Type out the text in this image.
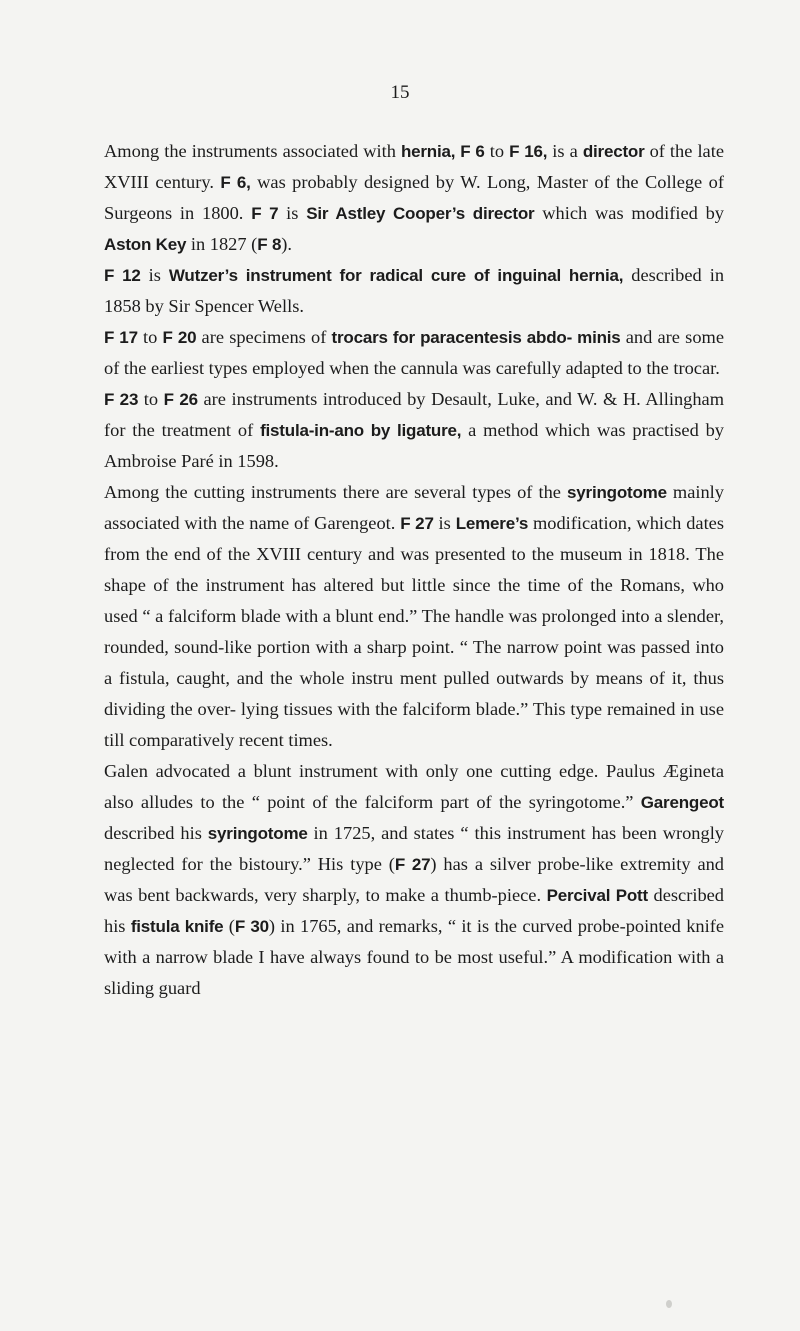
15

Among the instruments associated with hernia, F 6 to F 16, is a director of the late XVIII century. F 6, was probably designed by W. Long, Master of the College of Surgeons in 1800. F 7 is Sir Astley Cooper’s director which was modified by Aston Key in 1827 (F 8).

F 12 is Wutzer’s instrument for radical cure of inguinal hernia, described in 1858 by Sir Spencer Wells.

F 17 to F 20 are specimens of trocars for paracentesis abdo- minis and are some of the earliest types employed when the cannula was carefully adapted to the trocar.

F 23 to F 26 are instruments introduced by Desault, Luke, and W. & H. Allingham for the treatment of fistula-in-ano by ligature, a method which was practised by Ambroise Paré in 1598.

Among the cutting instruments there are several types of the syringotome mainly associated with the name of Garengeot. F 27 is Lemere’s modification, which dates from the end of the XVIII century and was presented to the museum in 1818. The shape of the instrument has altered but little since the time of the Romans, who used “ a falciform blade with a blunt end.” The handle was prolonged into a slender, rounded, sound-like portion with a sharp point. “ The narrow point was passed into a fistula, caught, and the whole instru ment pulled outwards by means of it, thus dividing the over- lying tissues with the falciform blade.” This type remained in use till comparatively recent times.

Galen advocated a blunt instrument with only one cutting edge. Paulus Ægineta also alludes to the “ point of the falciform part of the syringotome.” Garengeot described his syringotome in 1725, and states “ this instrument has been wrongly neglected for the bistoury.” His type (F 27) has a silver probe-like extremity and was bent backwards, very sharply, to make a thumb-piece. Percival Pott described his fistula knife (F 30) in 1765, and remarks, “ it is the curved probe-pointed knife with a narrow blade I have always found to be most useful.” A modification with a sliding guard
